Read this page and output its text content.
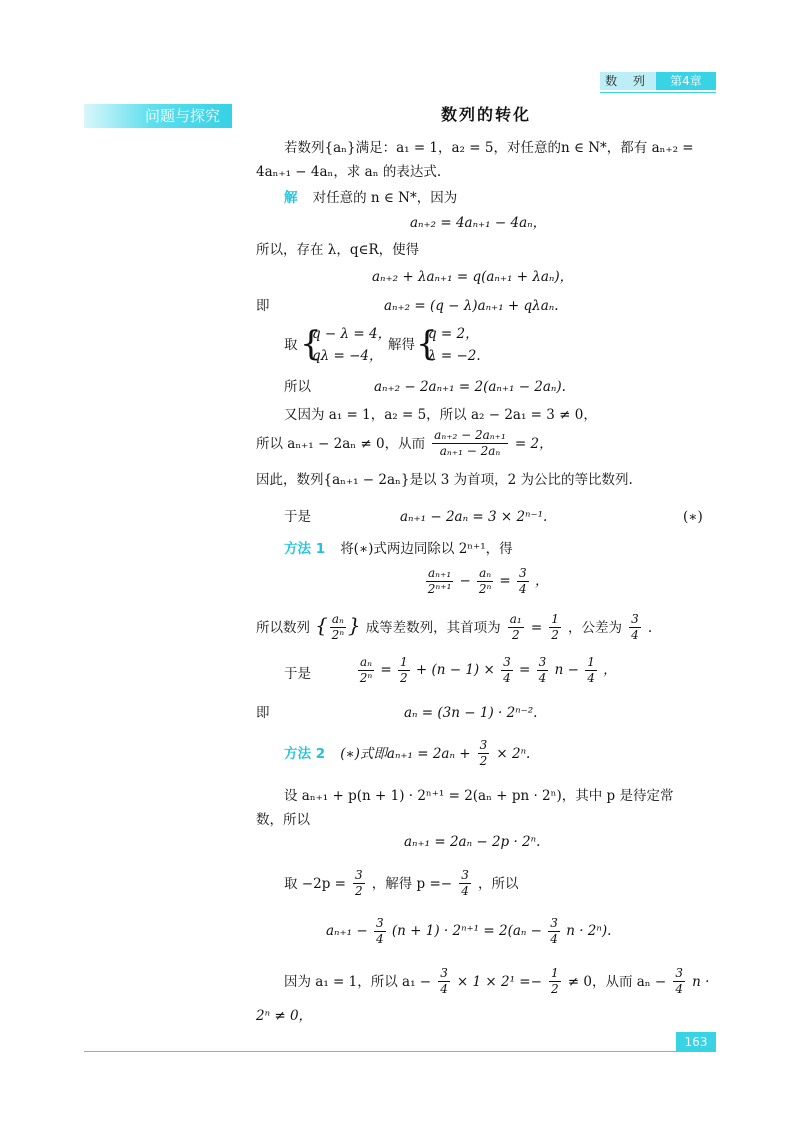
数 列	第4章
问题与探究	数列的转化
若数列{aₙ}满足：a₁ = 1，a₂ = 5，对任意的n ∈ N*，都有 aₙ₊₂ =
4aₙ₊₁ − 4aₙ，求 aₙ 的表达式.
解 对任意的 n ∈ N*，因为
aₙ₊₂ = 4aₙ₊₁ − 4aₙ，
所以，存在 λ，q∈R，使得
aₙ₊₂ + λaₙ₊₁ = q(aₙ₊₁ + λaₙ)，
即	aₙ₊₂ = (q − λ)aₙ₊₁ + qλaₙ.
取 {
q − λ = 4，
qλ = −4，
解得 {
q = 2，
λ = −2.
所以	aₙ₊₂ − 2aₙ₊₁ = 2(aₙ₊₁ − 2aₙ).
又因为 a₁ = 1，a₂ = 5，所以 a₂ − 2a₁ = 3 ≠ 0，
所以 aₙ₊₁ − 2aₙ ≠ 0，从而 $\frac{\text{aₙ₊₂ − 2aₙ₊₁}}{\text{aₙ₊₁ − 2aₙ}} = 2$，
因此，数列{aₙ₊₁ − 2aₙ}是以 3 为首项，2 为公比的等比数列.
于是	aₙ₊₁ − 2aₙ = 3 × 2ⁿ⁻¹.	(∗)
方法 1 将(∗)式两边同除以 2ⁿ⁺¹，得
$\frac{\text{aₙ₊₁}}{\text{2ⁿ⁺¹}} - \frac{\text{aₙ}}{\text{2ⁿ}} = \frac{3}{4}$ ，
所以数列 { $\frac{\text{aₙ}}{\text{2ⁿ}}$ } 成等差数列，其首项为 $\frac{\text{a₁}}{2} = \frac{1}{2}$ ，公差为 $\frac{3}{4}$ .
于是	$\frac{\text{aₙ}}{\text{2ⁿ}} = \frac{1}{2} + (n - 1) \times \frac{3}{4} = \frac{3}{4}$ $n - \frac{1}{4}$ ，
即	aₙ = (3n − 1) · 2ⁿ⁻².
方法 2 (∗)式即$a_{n+1} = 2a_n + \frac{3}{2} \times 2^n$.
设 aₙ₊₁ + p(n + 1) · 2ⁿ⁺¹ = 2(aₙ + pn · 2ⁿ)，其中 p 是待定常
数，所以
aₙ₊₁ = 2aₙ − 2p · 2ⁿ.
取 $-2p = \frac{3}{2}$ ，解得 $p =- \frac{3}{4}$ ，所以
$a_{n+1} - \frac{3}{4} (n + 1) \cdot 2^{n+1} = 2(a_n - \frac{3}{4}$ n · 2ⁿ).
因为 a₁ = 1，所以 $a_1 - \frac{3}{4} \times 1 \times 2^1 =- \frac{1}{2} \ne 0$，从而 $a_n - \frac{3}{4}$ n ·
2ⁿ ≠ 0，
163
